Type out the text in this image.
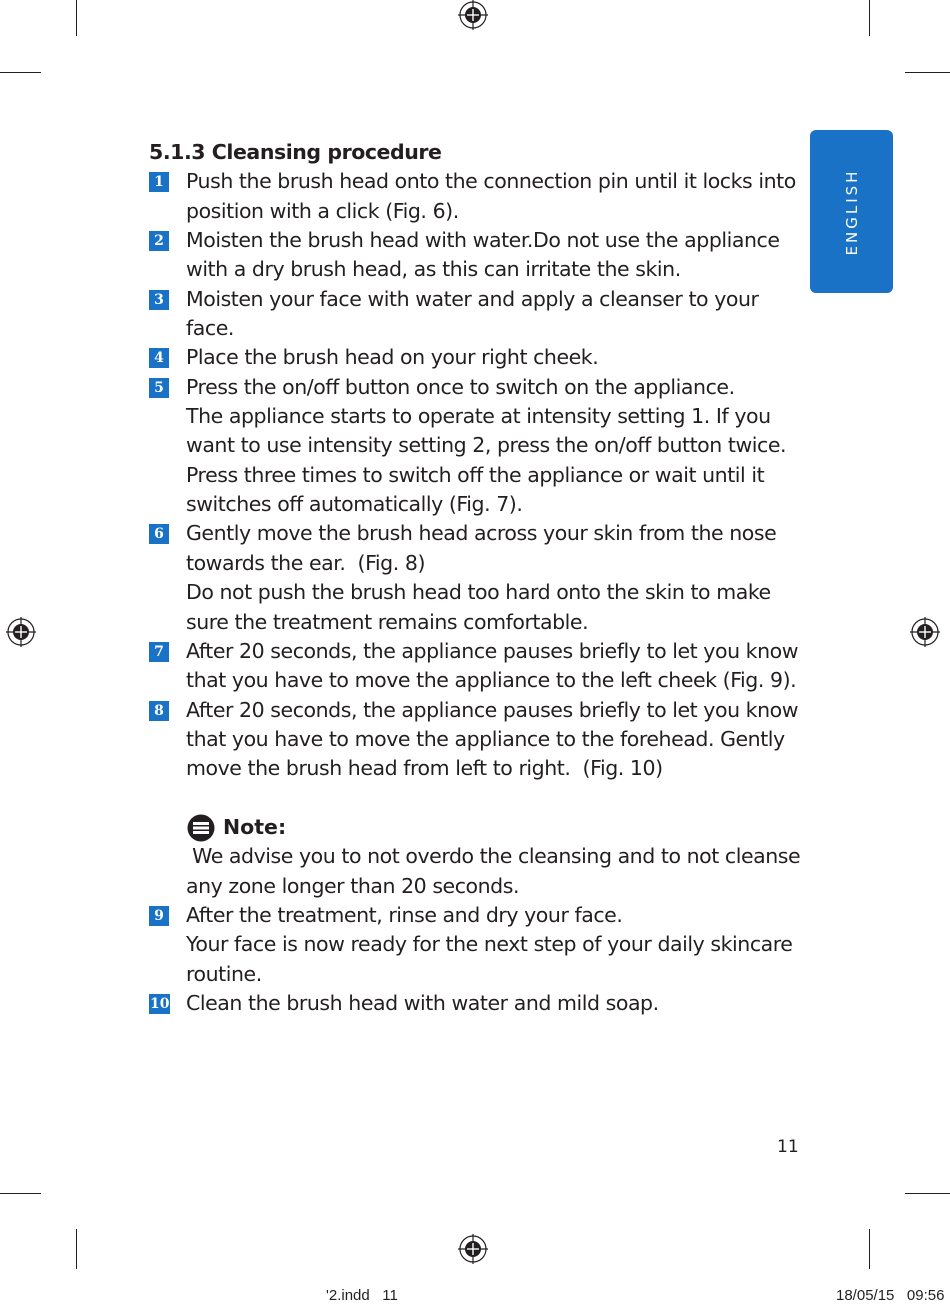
ENGLISH
5.1.3 Cleansing procedure
1 Push the brush head onto the connection pin until it locks into position with a click (Fig. 6).

2 Moisten the brush head with water.Do not use the appliance with a dry brush head, as this can irritate the skin.

3 Moisten your face with water and apply a cleanser to your face.

4 Place the brush head on your right cheek.

5 Press the on/off button once to switch on the appliance.

The appliance starts to operate at intensity setting 1. If you want to use intensity setting 2, press the on/off button twice.

Press three times to switch off the appliance or wait until it switches off automatically (Fig. 7).

6 Gently move the brush head across your skin from the nose towards the ear.  (Fig. 8)

Do not push the brush head too hard onto the skin to make sure the treatment remains comfortable.

7 After 20 seconds, the appliance pauses briefly to let you know that you have to move the appliance to the left cheek (Fig. 9).

8 After 20 seconds, the appliance pauses briefly to let you know that you have to move the appliance to the forehead. Gently move the brush head from left to right.  (Fig. 10)

Note:

We advise you to not overdo the cleansing and to not cleanse any zone longer than 20 seconds.

9 After the treatment, rinse and dry your face.

Your face is now ready for the next step of your daily skincare routine.

10 Clean the brush head with water and mild soap.

11
'2.indd   11	18/05/15   09:56
